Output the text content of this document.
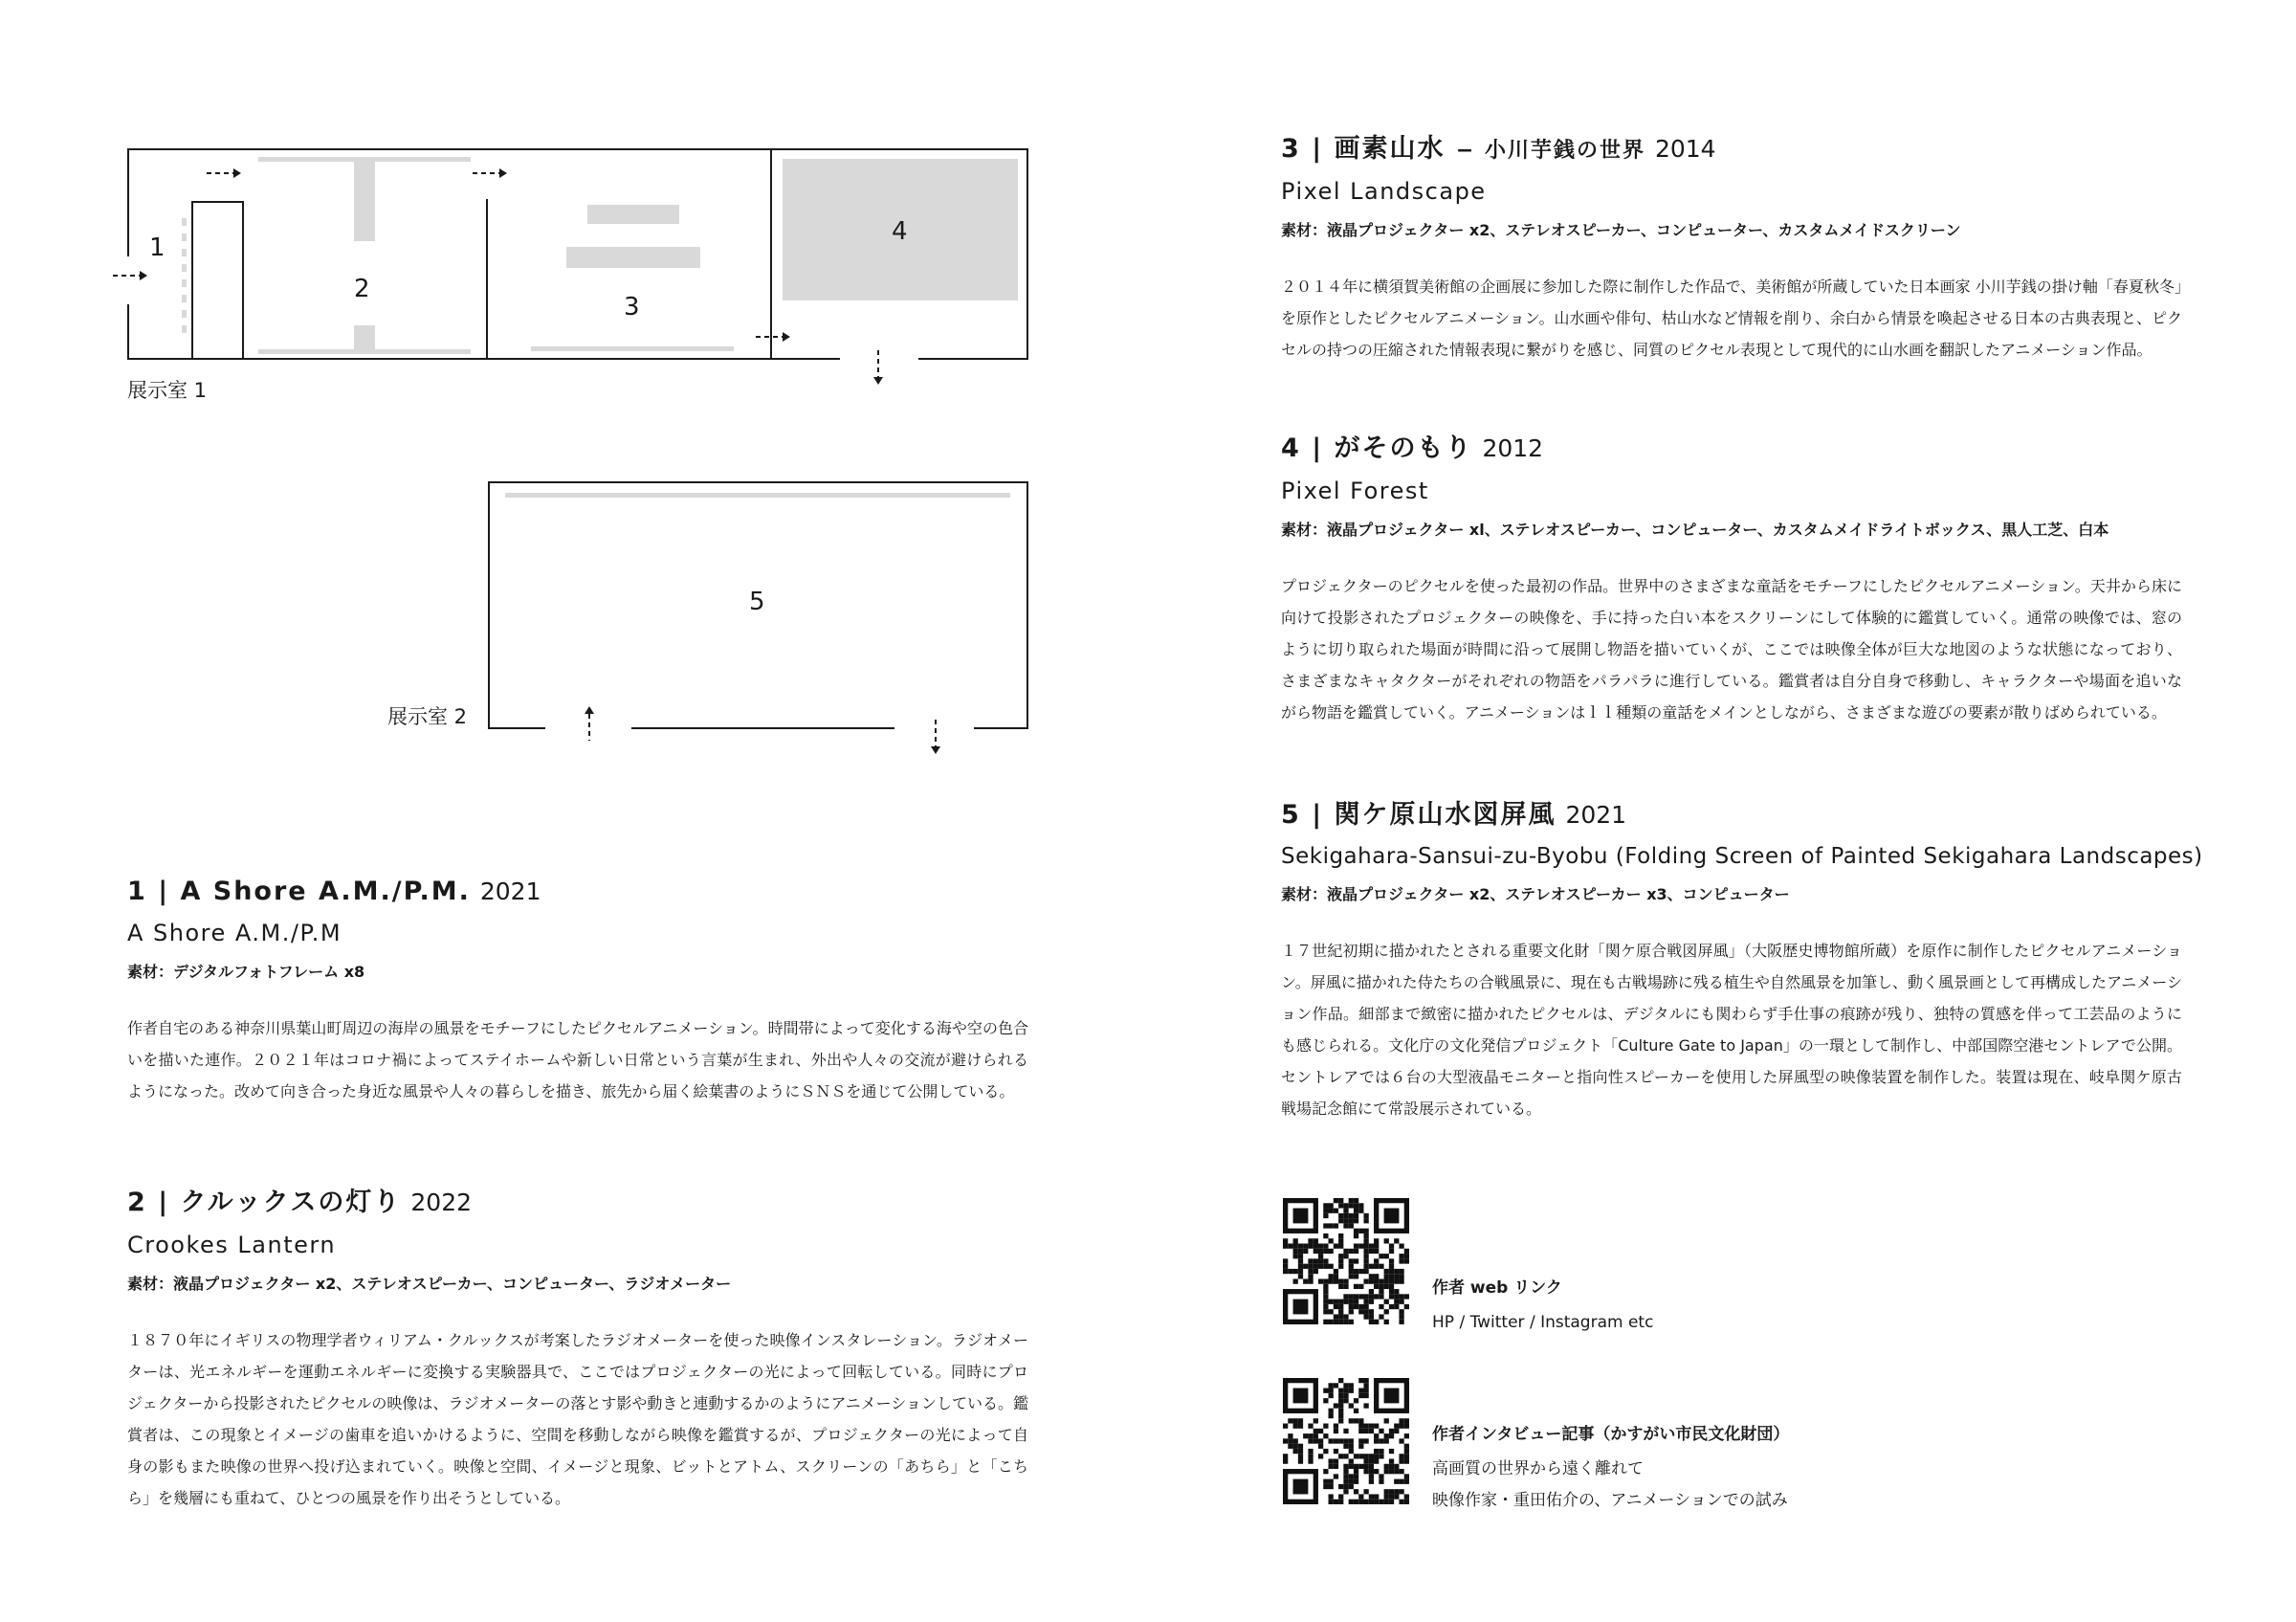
1
2
3
4
展示室 1
5
展示室 2
1 | A Shore A.M./P.M. 2021
A Shore A.M./P.M
素材：デジタルフォトフレーム x8
作者自宅のある神奈川県葉山町周辺の海岸の風景をモチーフにしたピクセルアニメーション。時間帯によって変化する海や空の色合いを描いた連作。２０２１年はコロナ禍によってステイホームや新しい日常という言葉が生まれ、外出や人々の交流が避けられるようになった。改めて向き合った身近な風景や人々の暮らしを描き、旅先から届く絵葉書のようにＳＮＳを通じて公開している。
2 | クルックスの灯り 2022
Crookes Lantern
素材：液晶プロジェクター x2、ステレオスピーカー、コンピューター、ラジオメーター
１８７０年にイギリスの物理学者ウィリアム・クルックスが考案したラジオメーターを使った映像インスタレーション。ラジオメーターは、光エネルギーを運動エネルギーに変換する実験器具で、ここではプロジェクターの光によって回転している。同時にプロジェクターから投影されたピクセルの映像は、ラジオメーターの落とす影や動きと連動するかのようにアニメーションしている。鑑賞者は、この現象とイメージの歯車を追いかけるように、空間を移動しながら映像を鑑賞するが、プロジェクターの光によって自身の影もまた映像の世界へ投げ込まれていく。映像と空間、イメージと現象、ビットとアトム、スクリーンの「あちら」と「こちら」を幾層にも重ねて、ひとつの風景を作り出そうとしている。
3 | 画素山水 − 小川芋銭の世界 2014
Pixel Landscape
素材：液晶プロジェクター x2、ステレオスピーカー、コンピューター、カスタムメイドスクリーン
２０１４年に横須賀美術館の企画展に参加した際に制作した作品で、美術館が所蔵していた日本画家 小川芋銭の掛け軸「春夏秋冬」を原作としたピクセルアニメーション。山水画や俳句、枯山水など情報を削り、余白から情景を喚起させる日本の古典表現と、ピクセルの持つの圧縮された情報表現に繋がりを感じ、同質のピクセル表現として現代的に山水画を翻訳したアニメーション作品。
4 | がそのもり 2012
Pixel Forest
素材：液晶プロジェクター xl、ステレオスピーカー、コンピューター、カスタムメイドライトボックス、黒人工芝、白本
プロジェクターのピクセルを使った最初の作品。世界中のさまざまな童話をモチーフにしたピクセルアニメーション。天井から床に向けて投影されたプロジェクターの映像を、手に持った白い本をスクリーンにして体験的に鑑賞していく。通常の映像では、窓のように切り取られた場面が時間に沿って展開し物語を描いていくが、ここでは映像全体が巨大な地図のような状態になっており、さまざまなキャタクターがそれぞれの物語をパラパラに進行している。鑑賞者は自分自身で移動し、キャラクターや場面を追いながら物語を鑑賞していく。アニメーションはｌｌ種類の童話をメインとしながら、さまざまな遊びの要素が散りばめられている。
5 | 関ケ原山水図屏風 2021
Sekigahara-Sansui-zu-Byobu (Folding Screen of Painted Sekigahara Landscapes)
素材：液晶プロジェクター x2、ステレオスピーカー x3、コンピューター
１７世紀初期に描かれたとされる重要文化財「関ケ原合戦図屏風」（大阪歴史博物館所蔵）を原作に制作したピクセルアニメーション。屏風に描かれた侍たちの合戦風景に、現在も古戦場跡に残る植生や自然風景を加筆し、動く風景画として再構成したアニメーション作品。細部まで緻密に描かれたピクセルは、デジタルにも関わらず手仕事の痕跡が残り、独特の質感を伴って工芸品のようにも感じられる。文化庁の文化発信プロジェクト「Culture Gate to Japan」の一環として制作し、中部国際空港セントレアで公開。セントレアでは６台の大型液晶モニターと指向性スピーカーを使用した屏風型の映像装置を制作した。装置は現在、岐阜関ケ原古戦場記念館にて常設展示されている。
作者 web リンク
HP / Twitter / Instagram etc
作者インタビュー記事（かすがい市民文化財団）
高画質の世界から遠く離れて
映像作家・重田佑介の、アニメーションでの試み
